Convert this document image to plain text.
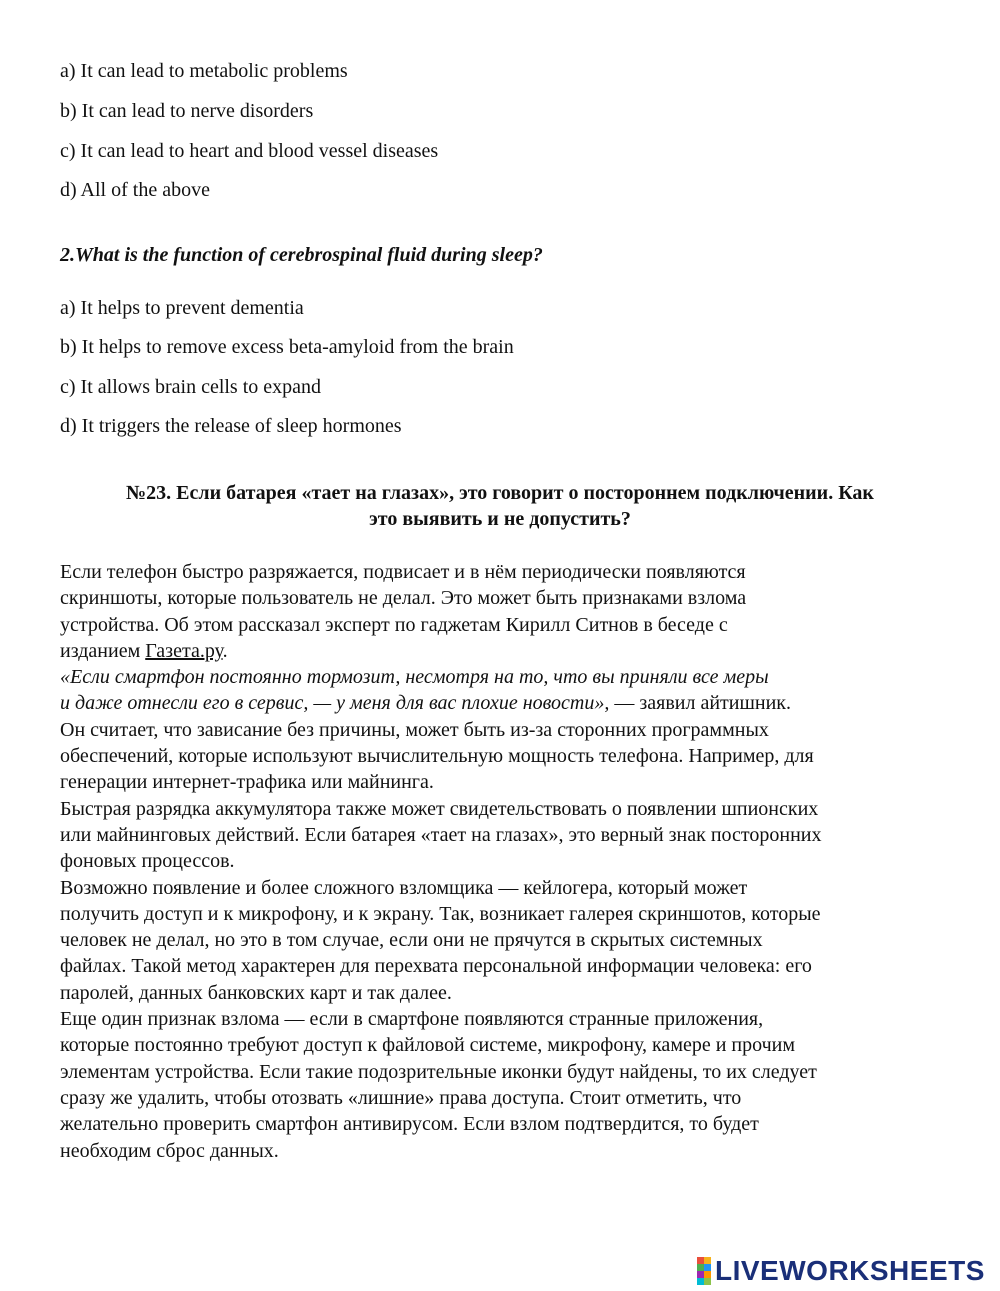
a) It can lead to metabolic problems
b) It can lead to nerve disorders
c) It can lead to heart and blood vessel diseases
d) All of the above
2.What is the function of cerebrospinal fluid during sleep?
a) It helps to prevent dementia
b) It helps to remove excess beta-amyloid from the brain
c) It allows brain cells to expand
d) It triggers the release of sleep hormones
№23. Если батарея «тает на глазах», это говорит о постороннем подключении. Как
это выявить и не допустить?
Если телефон быстро разряжается, подвисает и в нём периодически появляются
скриншоты, которые пользователь не делал. Это может быть признаками взлома
устройства. Об этом рассказал эксперт по гаджетам Кирилл Ситнов в беседе с
изданием Газета.ру.
«Если смартфон постоянно тормозит, несмотря на то, что вы приняли все меры
и даже отнесли его в сервис, — у меня для вас плохие новости», — заявил айтишник.
Он считает, что зависание без причины, может быть из-за сторонних программных
обеспечений, которые используют вычислительную мощность телефона. Например, для
генерации интернет-трафика или майнинга.
Быстрая разрядка аккумулятора также может свидетельствовать о появлении шпионских
или майнинговых действий. Если батарея «тает на глазах», это верный знак посторонних
фоновых процессов.
Возможно появление и более сложного взломщика — кейлогера, который может
получить доступ и к микрофону, и к экрану. Так, возникает галерея скриншотов, которые
человек не делал, но это в том случае, если они не прячутся в скрытых системных
файлах. Такой метод характерен для перехвата персональной информации человека: его
паролей, данных банковских карт и так далее.
Еще один признак взлома — если в смартфоне появляются странные приложения,
которые постоянно требуют доступ к файловой системе, микрофону, камере и прочим
элементам устройства. Если такие подозрительные иконки будут найдены, то их следует
сразу же удалить, чтобы отозвать «лишние» права доступа. Стоит отметить, что
желательно проверить смартфон антивирусом. Если взлом подтвердится, то будет
необходим сброс данных.
LIVEWORKSHEETS
